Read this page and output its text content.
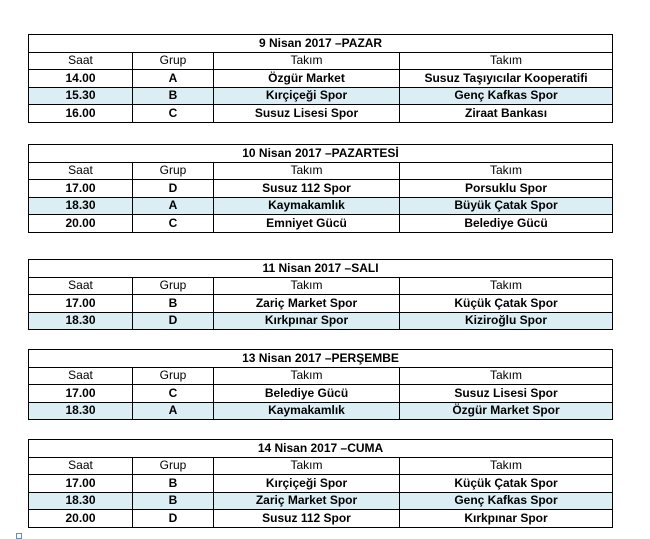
9 Nisan 2017 –PAZAR			
Saat	Grup	Takım	Takım
14.00	A	Özgür Market	Susuz Taşıyıcılar Kooperatifi
15.30	B	Kırçiçeği Spor	Genç Kafkas Spor
16.00	C	Susuz Lisesi Spor	Ziraat Bankası
10 Nisan 2017 –PAZARTESİ			
Saat	Grup	Takım	Takım
17.00	D	Susuz 112 Spor	Porsuklu Spor
18.30	A	Kaymakamlık	Büyük Çatak Spor
20.00	C	Emniyet Gücü	Belediye Gücü
11 Nisan 2017 –SALI			
Saat	Grup	Takım	Takım
17.00	B	Zariç Market Spor	Küçük Çatak Spor
18.30	D	Kırkpınar Spor	Kiziroğlu Spor
13 Nisan 2017 –PERŞEMBE			
Saat	Grup	Takım	Takım
17.00	C	Belediye Gücü	Susuz Lisesi Spor
18.30	A	Kaymakamlık	Özgür Market Spor
14 Nisan 2017 –CUMA			
Saat	Grup	Takım	Takım
17.00	B	Kırçiçeği Spor	Küçük Çatak Spor
18.30	B	Zariç Market Spor	Genç Kafkas Spor
20.00	D	Susuz 112 Spor	Kırkpınar Spor
